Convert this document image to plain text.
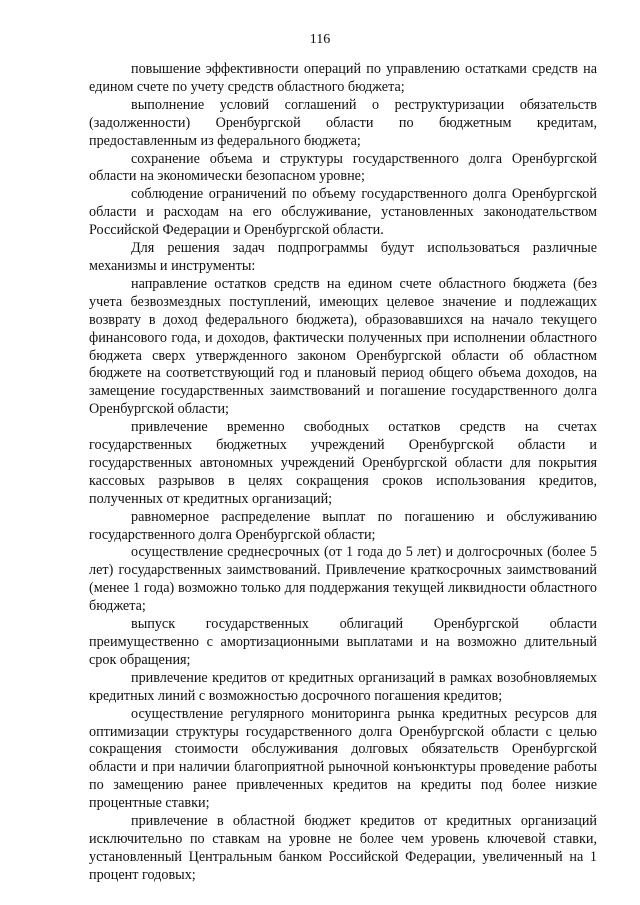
116

повышение эффективности операций по управлению остатками средств на едином счете по учету средств областного бюджета;

выполнение условий соглашений о реструктуризации обязательств (задолженности) Оренбургской области по бюджетным кредитам, предоставленным из федерального бюджета;

сохранение объема и структуры государственного долга Оренбургской области на экономически безопасном уровне;

соблюдение ограничений по объему государственного долга Оренбургской области и расходам на его обслуживание, установленных законодательством Российской Федерации и Оренбургской области.

Для решения задач подпрограммы будут использоваться различные механизмы и инструменты:

направление остатков средств на едином счете областного бюджета (без учета безвозмездных поступлений, имеющих целевое значение и подлежащих возврату в доход федерального бюджета), образовавшихся на начало текущего финансового года, и доходов, фактически полученных при исполнении областного бюджета сверх утвержденного законом Оренбургской области об областном бюджете на соответствующий год и плановый период общего объема доходов, на замещение государственных заимствований и погашение государственного долга Оренбургской области;

привлечение временно свободных остатков средств на счетах государственных бюджетных учреждений Оренбургской области и государственных автономных учреждений Оренбургской области для покрытия кассовых разрывов в целях сокращения сроков использования кредитов, полученных от кредитных организаций;

равномерное распределение выплат по погашению и обслуживанию государственного долга Оренбургской области;

осуществление среднесрочных (от 1 года до 5 лет) и долгосрочных (более 5 лет) государственных заимствований. Привлечение краткосрочных заимствований (менее 1 года) возможно только для поддержания текущей ликвидности областного бюджета;

выпуск государственных облигаций Оренбургской области преимущественно с амортизационными выплатами и на возможно длительный срок обращения;

привлечение кредитов от кредитных организаций в рамках возобновляемых кредитных линий с возможностью досрочного погашения кредитов;

осуществление регулярного мониторинга рынка кредитных ресурсов для оптимизации структуры государственного долга Оренбургской области с целью сокращения стоимости обслуживания долговых обязательств Оренбургской области и при наличии благоприятной рыночной конъюнктуры проведение работы по замещению ранее привлеченных кредитов на кредиты под более низкие процентные ставки;

привлечение в областной бюджет кредитов от кредитных организаций исключительно по ставкам на уровне не более чем уровень ключевой ставки, установленный Центральным банком Российской Федерации, увеличенный на 1 процент годовых;
